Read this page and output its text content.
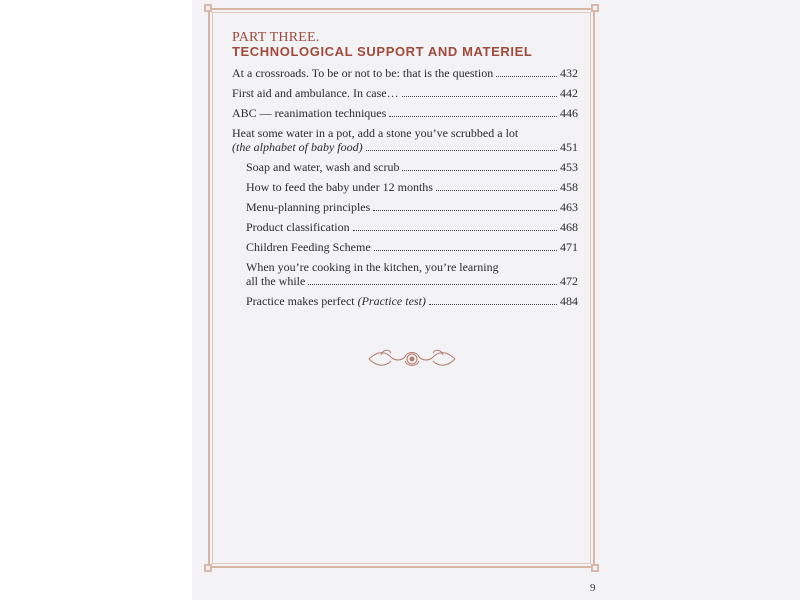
PART THREE.
TECHNOLOGICAL SUPPORT AND MATERIEL
At a crossroads. To be or not to be: that is the question	432
First aid and ambulance. In case…	442
ABC — reanimation techniques	446
Heat some water in a pot, add a stone you’ve scrubbed a lot
(the alphabet of baby food)	451
Soap and water, wash and scrub	453
How to feed the baby under 12 months	458
Menu-planning principles	463
Product classification	468
Children Feeding Scheme	471
When you’re cooking in the kitchen, you’re learning
all the while	472
Practice makes perfect (Practice test)	484
9
